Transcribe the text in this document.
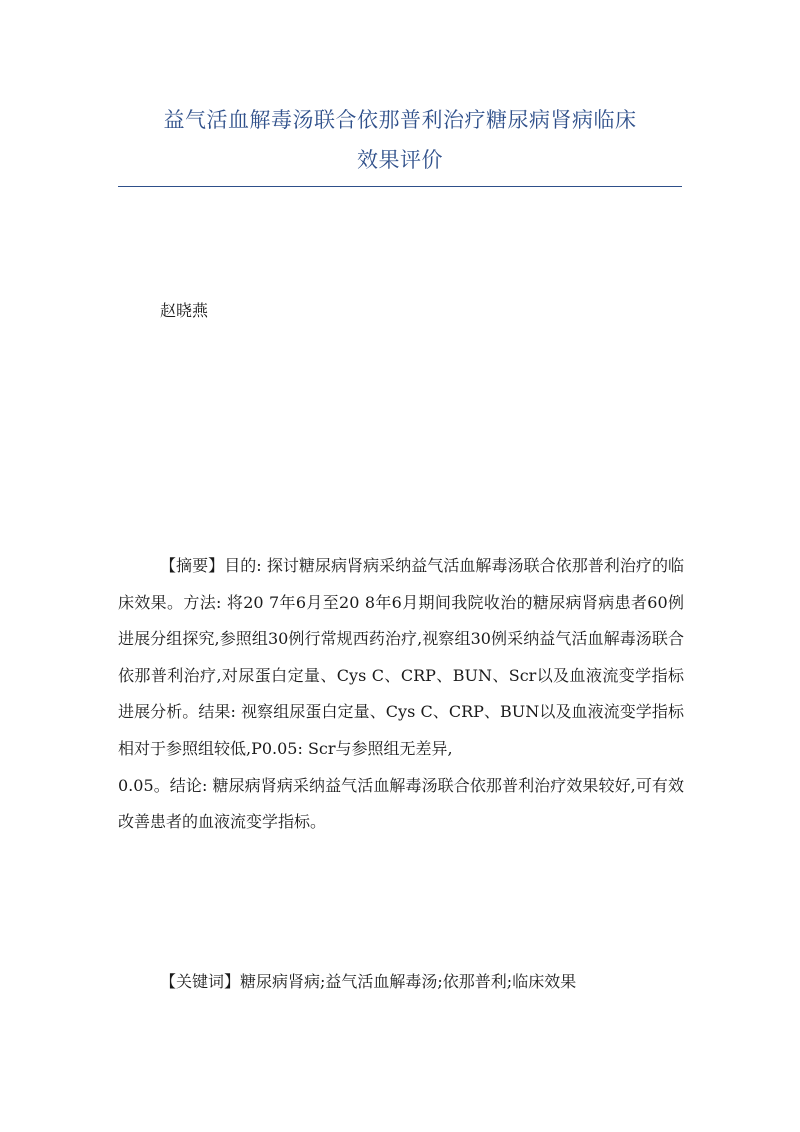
益气活血解毒汤联合依那普利治疗糖尿病肾病临床
效果评价
赵晓燕

【摘要】目的: 探讨糖尿病肾病采纳益气活血解毒汤联合依那普利治疗的临床效果。方法: 将20 7年6月至20 8年6月期间我院收治的糖尿病肾病患者60例进展分组探究,参照组30例行常规西药治疗,视察组30例采纳益气活血解毒汤联合依那普利治疗,对尿蛋白定量、Cys C、CRP、BUN、Scr以及血液流变学指标进展分析。结果: 视察组尿蛋白定量、Cys C、CRP、BUN以及血液流变学指标相对于参照组较低,P0.05: Scr与参照组无差异,

0.05。结论: 糖尿病肾病采纳益气活血解毒汤联合依那普利治疗效果较好,可有效改善患者的血液流变学指标。

【关键词】糖尿病肾病;益气活血解毒汤;依那普利;临床效果
